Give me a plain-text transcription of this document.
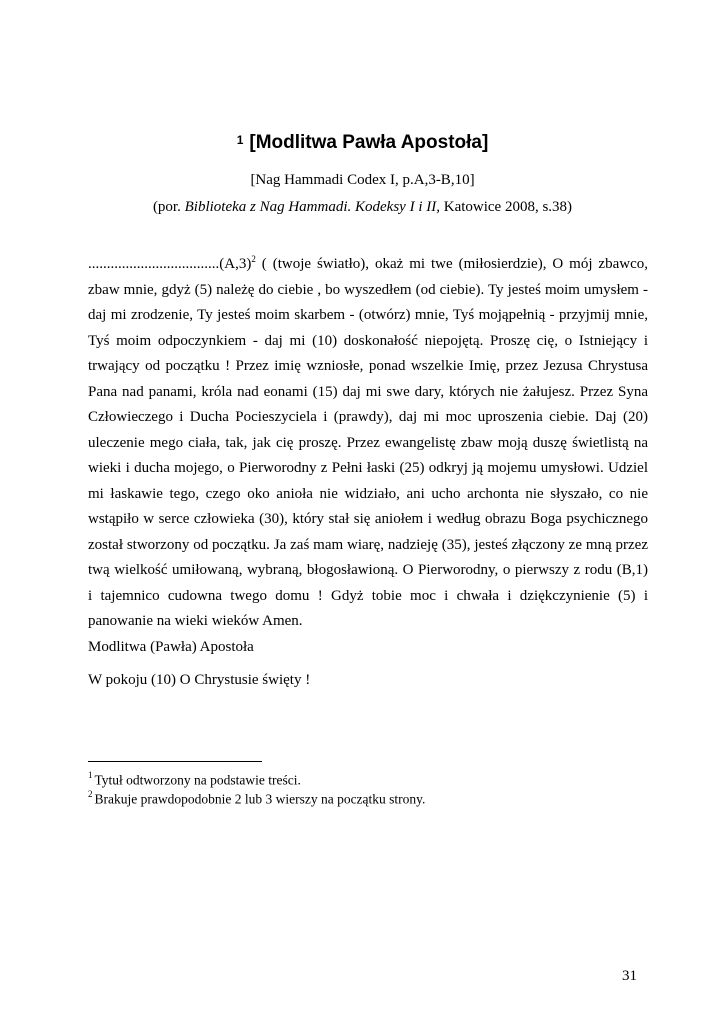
$^1$ [Modlitwa Pawła Apostoła]
[Nag Hammadi Codex I, p.A,3-B,10]
(por. Biblioteka z Nag Hammadi. Kodeksy I i II, Katowice 2008, s.38)
...................................(A,3)$^2$ ( (twoje światło), okaż mi twe (miłosierdzie), O mój zbawco,
zbaw mnie, gdyż (5) należę do ciebie , bo wyszedłem (od ciebie). Ty jesteś moim umysłem -
daj mi zrodzenie, Ty jesteś moim skarbem - (otwórz) mnie, Tyś mojąpełnią - przyjmij mnie,
Tyś moim odpoczynkiem - daj mi (10) doskonałość niepojętą. Proszę cię, o Istniejący i
trwający od początku ! Przez imię wzniosłe, ponad wszelkie Imię, przez Jezusa Chrystusa
Pana nad panami, króla nad eonami (15) daj mi swe dary, których nie żałujesz. Przez Syna
Człowieczego i Ducha Pocieszyciela i (prawdy), daj mi moc uproszenia ciebie. Daj (20)
uleczenie mego ciała, tak, jak cię proszę. Przez ewangelistę zbaw moją duszę świetlistą na
wieki i ducha mojego, o Pierworodny z Pełni łaski (25) odkryj ją mojemu umysłowi. Udziel
mi łaskawie tego, czego oko anioła nie widziało, ani ucho archonta nie słyszało, co nie
wstąpiło w serce człowieka (30), który stał się aniołem i według obrazu Boga psychicznego
został stworzony od początku. Ja zaś mam wiarę, nadzieję (35), jesteś złączony ze mną przez
twą wielkość umiłowaną, wybraną, błogosławioną. O Pierworodny, o pierwszy z rodu (B,1)
i tajemnico cudowna twego domu ! Gdyż tobie moc i chwała i dziękczynienie (5) i
panowanie na wieki wieków Amen.
Modlitwa (Pawła) Apostoła
W pokoju (10) O Chrystusie święty !
$^1$ Tytuł odtworzony na podstawie treści.
$^2$ Brakuje prawdopodobnie 2 lub 3 wierszy na początku strony.
31
